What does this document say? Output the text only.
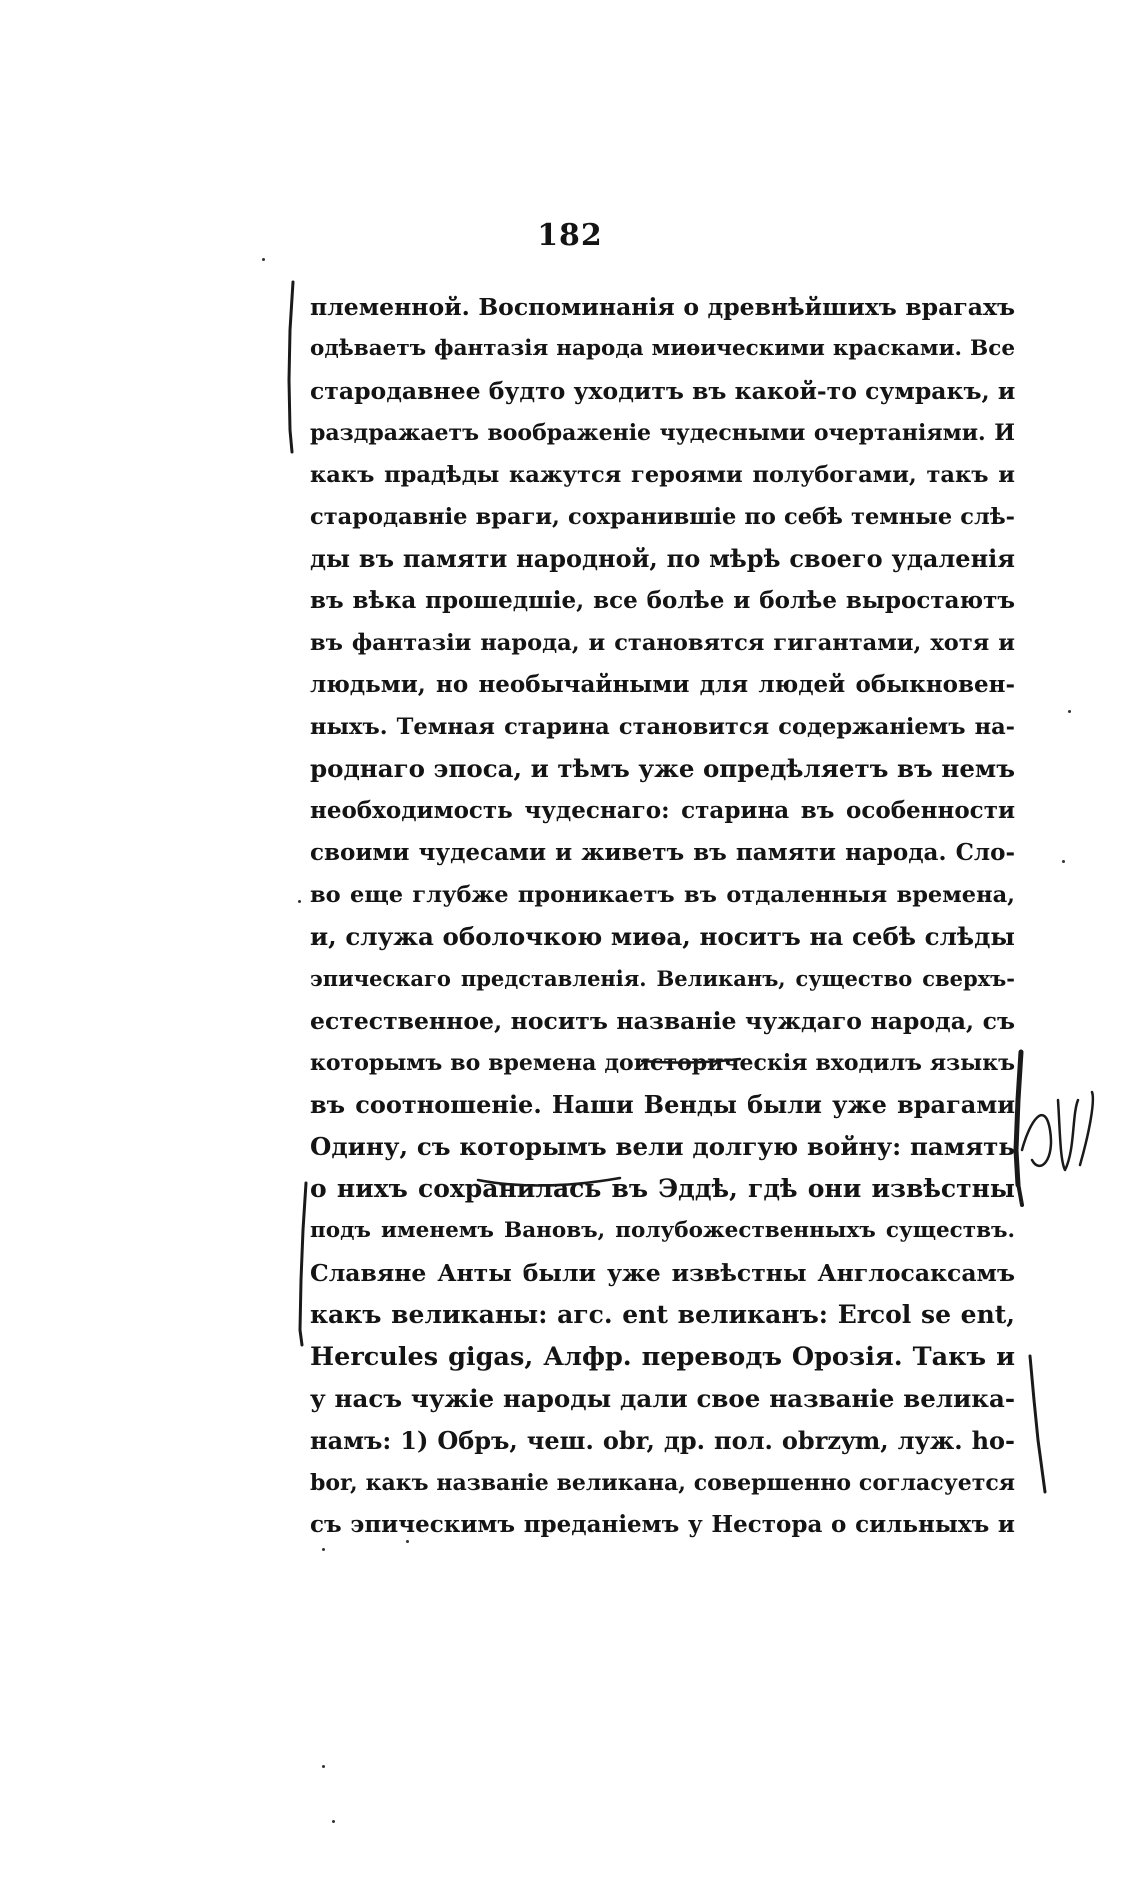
182
племенной. Воспоминанія о древнѣйшихъ врагахъ
одѣваетъ фантазія народа миѳическими красками. Все
стародавнее будто уходитъ въ какой-то сумракъ, и
раздражаетъ воображеніе чудесными очертаніями. И
какъ прадѣды кажутся героями полубогами, такъ и
стародавніе враги, сохранившіе по себѣ темные слѣ-
ды въ памяти народной, по мѣрѣ своего удаленія
въ вѣка прошедшіе, все болѣе и болѣе выростаютъ
въ фантазіи народа, и становятся гигантами, хотя и
людьми, но необычайными для людей обыкновен-
ныхъ. Темная старина становится содержаніемъ на-
роднаго эпоса, и тѣмъ уже опредѣляетъ въ немъ
необходимость чудеснаго: старина въ особенности
своими чудесами и живетъ въ памяти народа. Сло-
во еще глубже проникаетъ въ отдаленныя времена,
и, служа оболочкою миѳа, носитъ на себѣ слѣды
эпическаго представленія. Великанъ, существо сверхъ-
естественное, носитъ названіе чуждаго народа, съ
которымъ во времена доисторическія входилъ языкъ
въ соотношеніе. Наши Венды были уже врагами
Одину, съ которымъ вели долгую войну: память
о нихъ сохранилась въ Эддѣ, гдѣ они извѣстны
подъ именемъ Вановъ, полубожественныхъ существъ.
Славяне Анты были уже извѣстны Англосаксамъ
какъ великаны: агс. ent великанъ: Ercol se ent,
Hercules gigas, Алфр. переводъ Орозія. Такъ и
у насъ чужіе народы дали свое названіе велика-
намъ: 1) Обръ, чеш. obr, др. пол. obrzym, луж. ho-
bor, какъ названіе великана, совершенно согласуется
съ эпическимъ преданіемъ у Нестора о сильныхъ и
